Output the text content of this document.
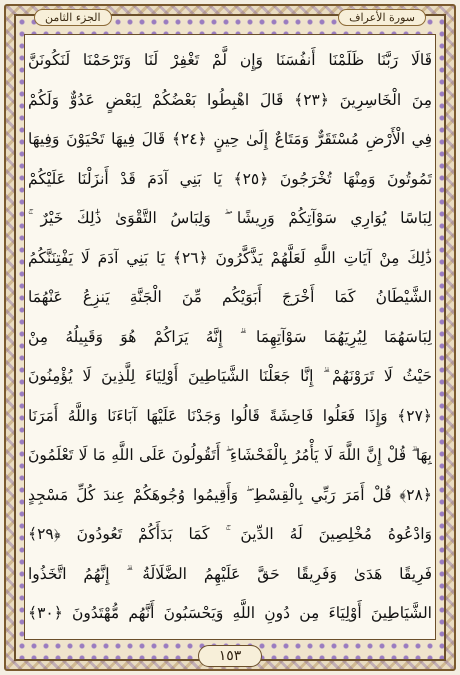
الجزء الثامن	سورة الأعراف
قَالَا رَبَّنَا ظَلَمْنَا أَنفُسَنَا وَإِن لَّمْ تَغْفِرْ لَنَا وَتَرْحَمْنَا لَنَكُونَنَّ
مِنَ الْخَاسِرِينَ ﴿٢٣﴾ قَالَ اهْبِطُوا بَعْضُكُمْ لِبَعْضٍ عَدُوٌّ وَلَكُمْ
فِي الْأَرْضِ مُسْتَقَرٌّ وَمَتَاعٌ إِلَىٰ حِينٍ ﴿٢٤﴾ قَالَ فِيهَا تَحْيَوْنَ وَفِيهَا
تَمُوتُونَ وَمِنْهَا تُخْرَجُونَ ﴿٢٥﴾ يَا بَنِي آدَمَ قَدْ أَنزَلْنَا عَلَيْكُمْ
لِبَاسًا يُوَارِي سَوْآتِكُمْ وَرِيشًا ۖ وَلِبَاسُ التَّقْوَىٰ ذَٰلِكَ خَيْرٌ ۚ
ذَٰلِكَ مِنْ آيَاتِ اللَّهِ لَعَلَّهُمْ يَذَّكَّرُونَ ﴿٢٦﴾ يَا بَنِي آدَمَ لَا يَفْتِنَنَّكُمُ
الشَّيْطَانُ كَمَا أَخْرَجَ أَبَوَيْكُم مِّنَ الْجَنَّةِ يَنزِعُ عَنْهُمَا
لِبَاسَهُمَا لِيُرِيَهُمَا سَوْآتِهِمَا ۗ إِنَّهُ يَرَاكُمْ هُوَ وَقَبِيلُهُ مِنْ
حَيْثُ لَا تَرَوْنَهُمْ ۗ إِنَّا جَعَلْنَا الشَّيَاطِينَ أَوْلِيَاءَ لِلَّذِينَ لَا يُؤْمِنُونَ
﴿٢٧﴾ وَإِذَا فَعَلُوا فَاحِشَةً قَالُوا وَجَدْنَا عَلَيْهَا آبَاءَنَا وَاللَّهُ أَمَرَنَا
بِهَا ۗ قُلْ إِنَّ اللَّهَ لَا يَأْمُرُ بِالْفَحْشَاءِ ۖ أَتَقُولُونَ عَلَى اللَّهِ مَا لَا تَعْلَمُونَ
﴿٢٨﴾ قُلْ أَمَرَ رَبِّي بِالْقِسْطِ ۖ وَأَقِيمُوا وُجُوهَكُمْ عِندَ كُلِّ مَسْجِدٍ
وَادْعُوهُ مُخْلِصِينَ لَهُ الدِّينَ ۚ كَمَا بَدَأَكُمْ تَعُودُونَ ﴿٢٩﴾
فَرِيقًا هَدَىٰ وَفَرِيقًا حَقَّ عَلَيْهِمُ الضَّلَالَةُ ۗ إِنَّهُمُ اتَّخَذُوا
الشَّيَاطِينَ أَوْلِيَاءَ مِن دُونِ اللَّهِ وَيَحْسَبُونَ أَنَّهُم مُّهْتَدُونَ ﴿٣٠﴾
١٥٣
